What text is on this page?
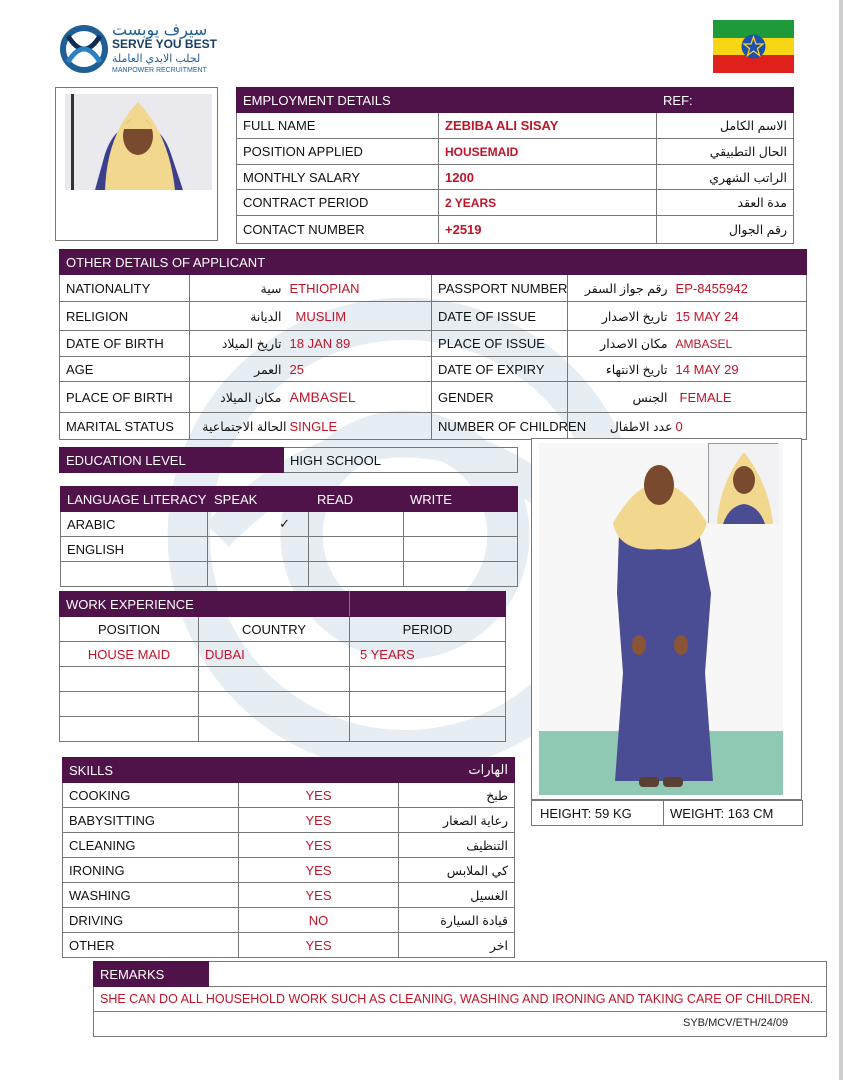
سيرف يوبست
SERVE YOU BEST
لجلب الايدي العاملة
MANPOWER RECRUITMENT
EMPLOYMENT DETAILS		REF:
FULL NAME	ZEBIBA ALI SISAY	الاسم الكامل
POSITION APPLIED	HOUSEMAID	الحال التطبيقي
MONTHLY SALARY	1200	الراتب الشهري
CONTRACT PERIOD	2 YEARS	مدة العقد
CONTACT NUMBER	+2519	رقم الجوال
OTHER DETAILS OF APPLICANT					
NATIONALITY	سية	ETHIOPIAN	PASSPORT NUMBER	رقم جواز السفر	EP-8455942
RELIGION	الديانة	MUSLIM	DATE OF ISSUE	تاريخ الاصدار	15 MAY 24
DATE OF BIRTH	تاريخ الميلاد	18 JAN 89	PLACE OF ISSUE	مكان الاصدار	AMBASEL
AGE	العمر	25	DATE OF EXPIRY	تاريخ الانتهاء	14 MAY 29
PLACE OF BIRTH	مكان الميلاد	AMBASEL	GENDER	الجنس	FEMALE
MARITAL STATUS	الحالة الاجتماعية	SINGLE	NUMBER OF CHILDREN	عدد الاطفال	0
EDUCATION LEVEL	HIGH SCHOOL
LANGUAGE LITERACY	SPEAK	READ	WRITE
ARABIC	✓		
ENGLISH			

WORK EXPERIENCE		
POSITION	COUNTRY	PERIOD
HOUSE MAID	DUBAI	5 YEARS

SKILLS		الهارات
COOKING	YES	طبخ
BABYSITTING	YES	رعاية الصغار
CLEANING	YES	التنظيف
IRONING	YES	كي الملابس
WASHING	YES	الغسيل
DRIVING	NO	قيادة السيارة
OTHER	YES	اخر
HEIGHT: 59 KG	WEIGHT: 163 CM
REMARKS	
SHE CAN DO ALL HOUSEHOLD WORK SUCH AS CLEANING, WASHING AND IRONING AND TAKING CARE OF CHILDREN.

SYB/MCV/ETH/24/09
